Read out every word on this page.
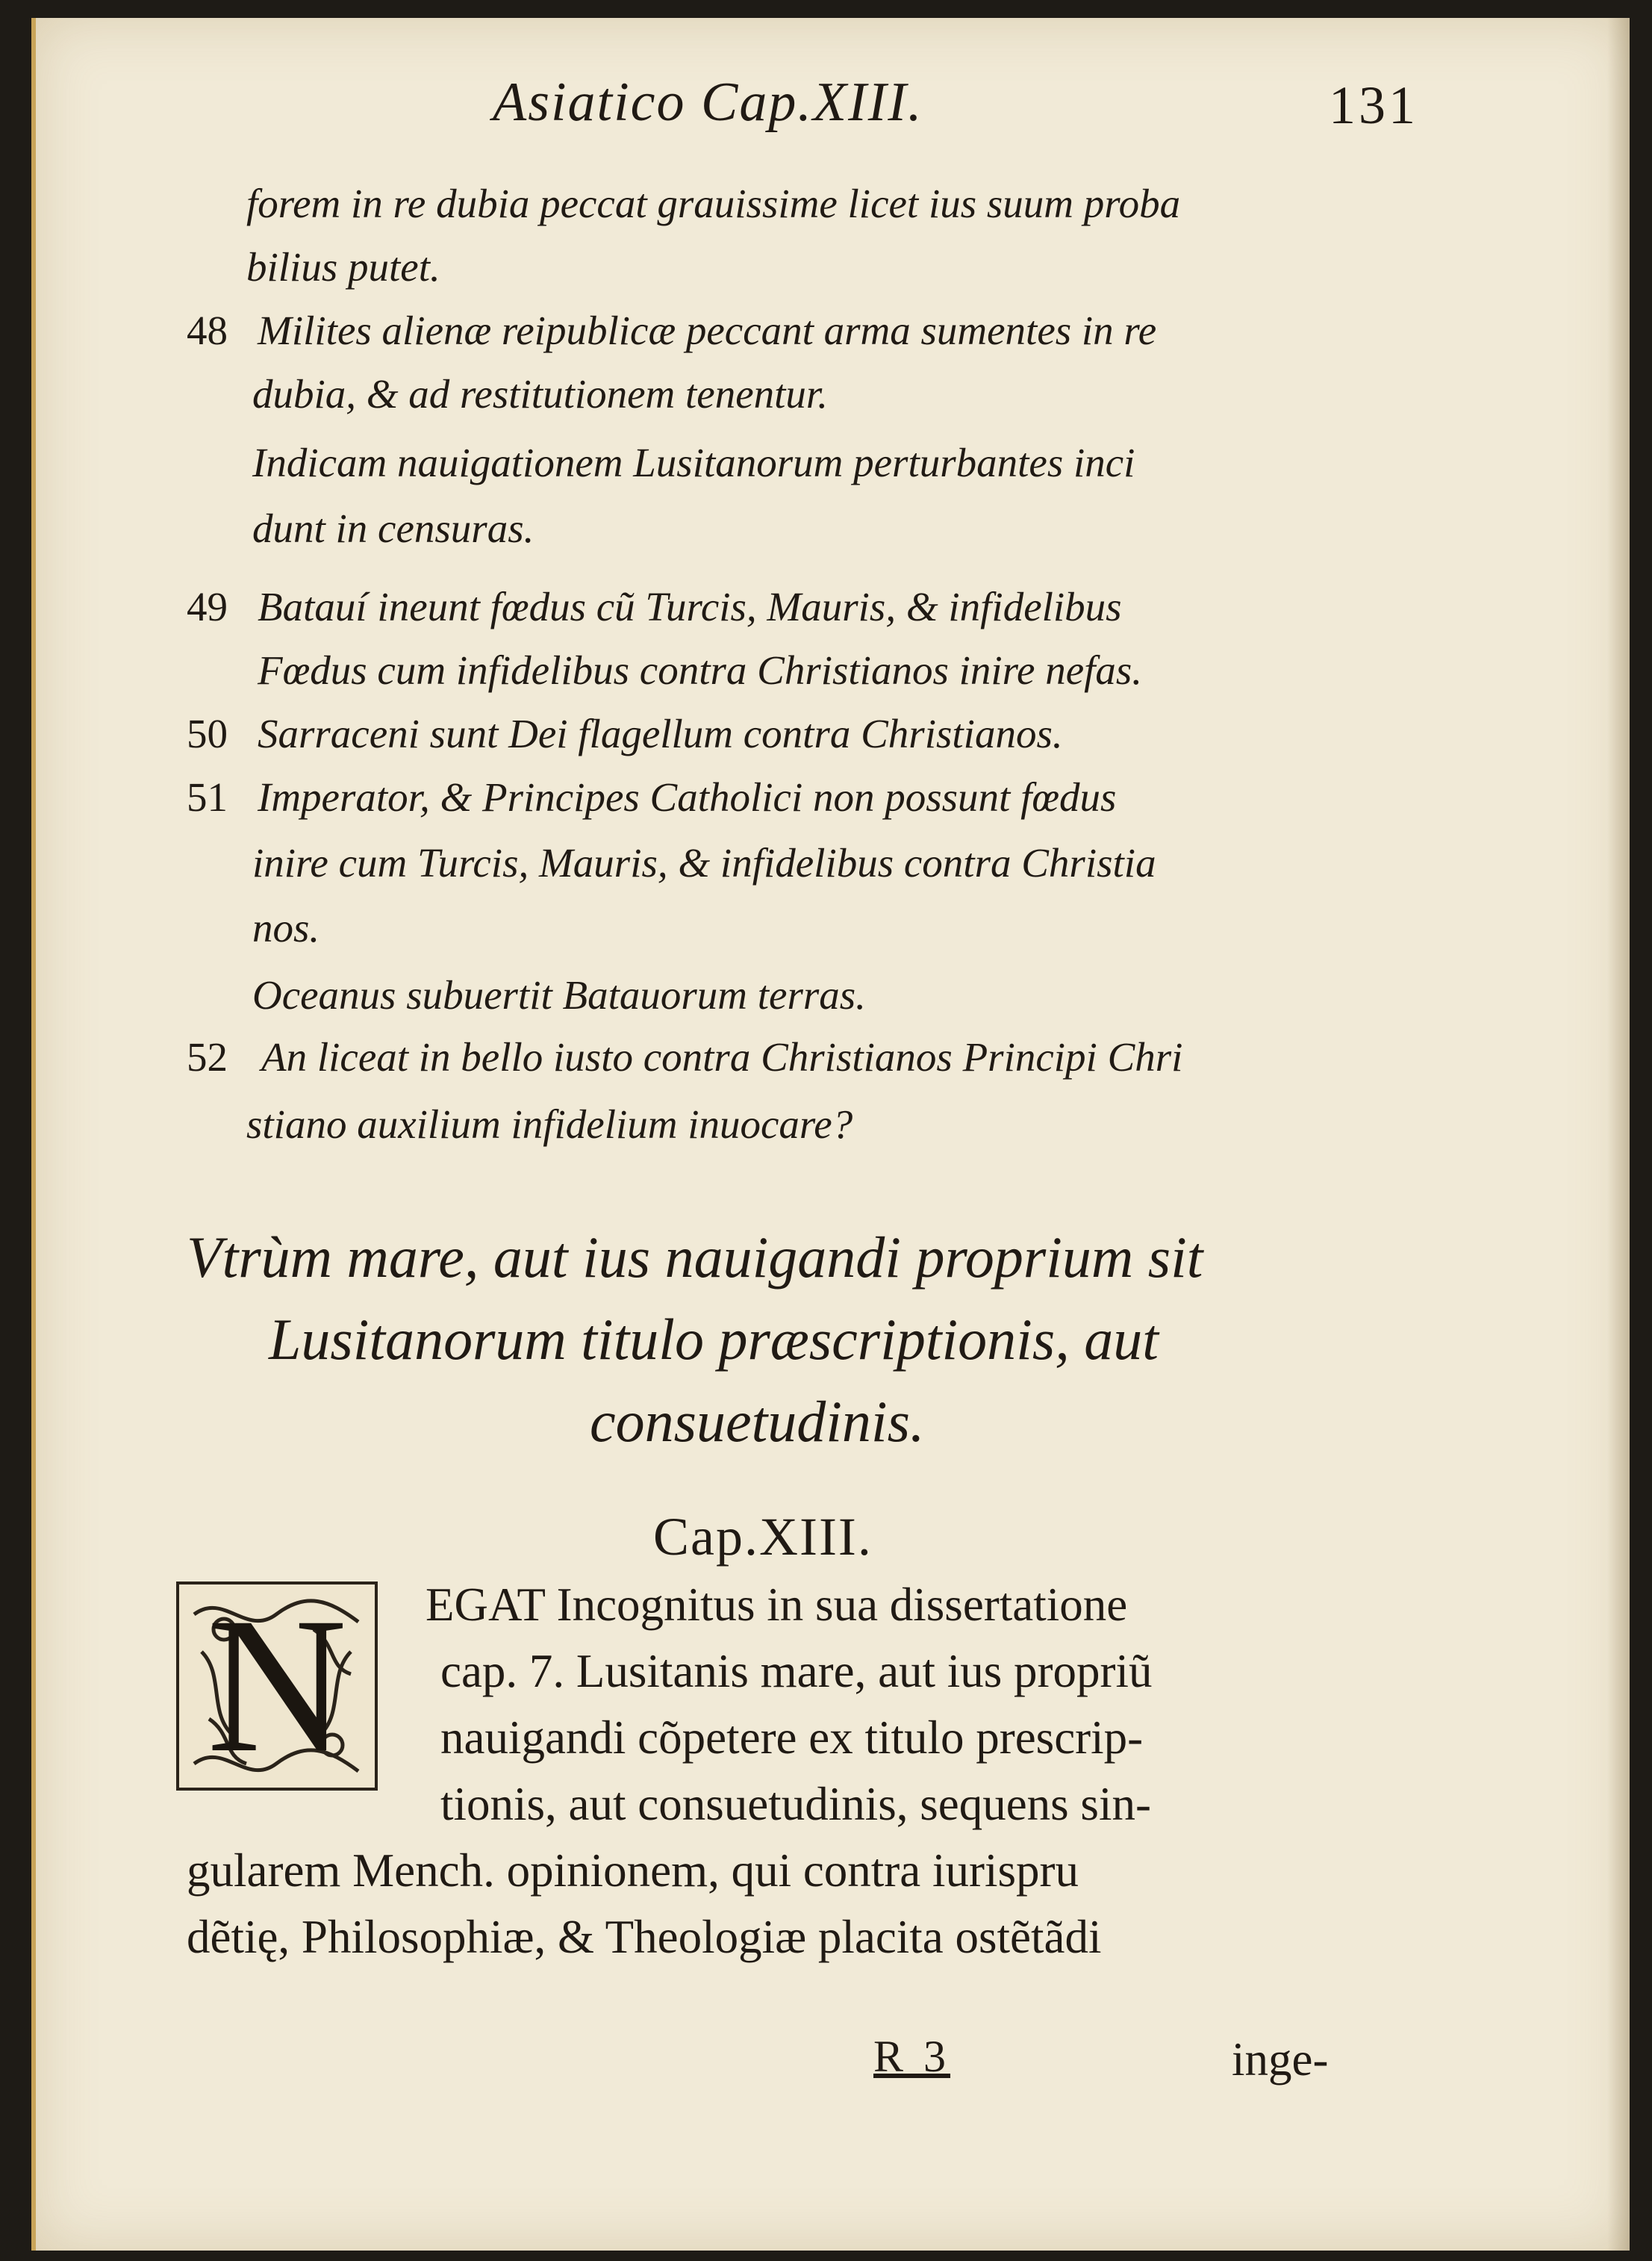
Asiatico Cap.XIII.	131
48
49
50
51
52
forem in re dubia peccat grauissime licet ius suum proba
bilius putet.
Milites alienæ reipublicæ peccant arma sumentes in re
dubia, & ad restitutionem tenentur.
Indicam nauigationem Lusitanorum perturbantes inci
dunt in censuras.
Batauí ineunt fœdus cũ Turcis, Mauris, & infidelibus
Fœdus cum infidelibus contra Christianos inire nefas.
Sarraceni sunt Dei flagellum contra Christianos.
Imperator, & Principes Catholici non possunt fœdus
inire cum Turcis, Mauris, & infidelibus contra Christia
nos.
Oceanus subuertit Batauorum terras.
An liceat in bello iusto contra Christianos Principi Chri
stiano auxilium infidelium inuocare?
Vtrùm mare, aut ius nauigandi proprium sit
Lusitanorum titulo præscriptionis, aut
consuetudinis.
Cap.XIII.
N	EGAT Incognitus in sua dissertatione
cap. 7. Lusitanis mare, aut ius propriũ
nauigandi cõpetere ex titulo prescrip-
tionis, aut consuetudinis, sequens sin-
gularem Mench. opinionem, qui contra iurispru
dẽtię, Philosophiæ, & Theologiæ placita ostẽtãdi
R 3	inge-
